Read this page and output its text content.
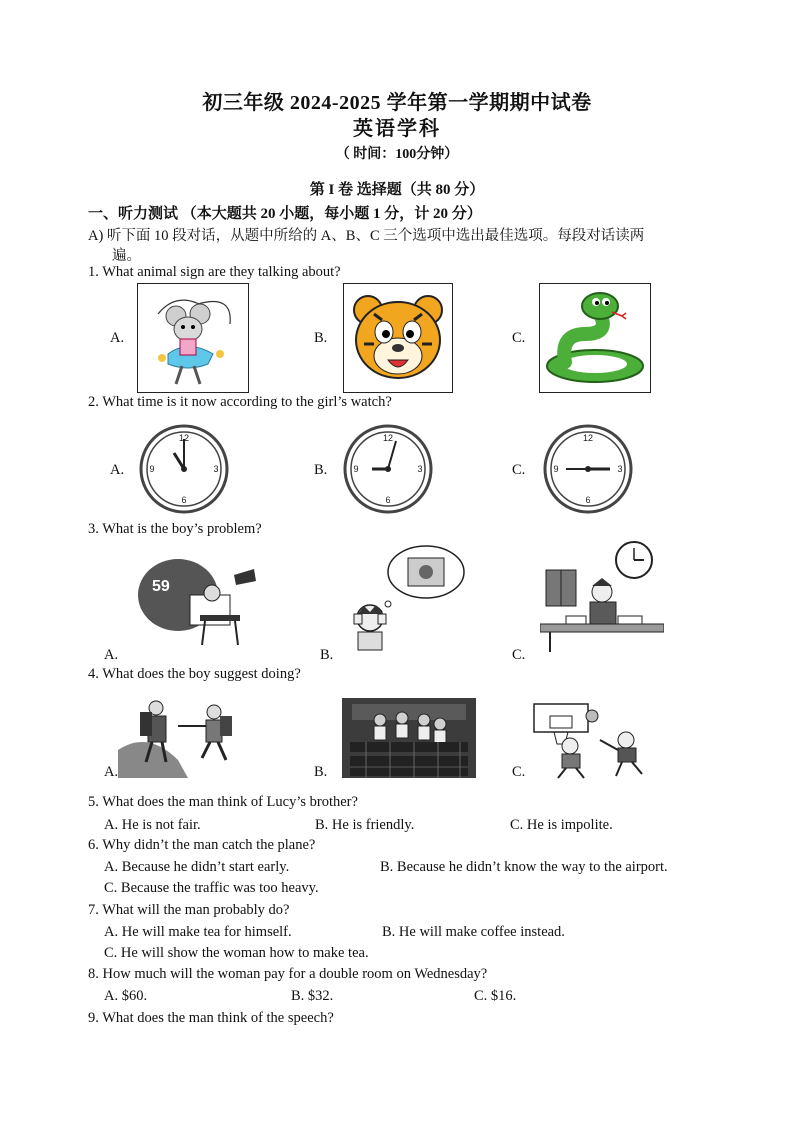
初三年级 2024-2025 学年第一学期期中试卷
英语学科
（ 时间：100分钟）
第 I 卷 选择题（共 80 分）
一、听力测试 （本大题共 20 小题，每小题 1 分，计 20 分）
A) 听下面 10 段对话，从题中所给的 A、B、C 三个选项中选出最佳选项。每段对话读两
遍。
1. What animal sign are they talking about?
A.	B.	C.
2. What time is it now according to the girl’s watch?
A.	B.	C.
12
3
6
9
12
3
6
9
12
3
6
9
3. What is the boy’s problem?
A.	B.	C.
59
4. What does the boy suggest doing?
A.	B.	C.
5. What does the man think of Lucy’s brother?
A. He is not fair.	B. He is friendly.	C. He is impolite.
6. Why didn’t the man catch the plane?
A. Because he didn’t start early.	B. Because he didn’t know the way to the airport.
C. Because the traffic was too heavy.
7. What will the man probably do?
A. He will make tea for himself.	B. He will make coffee instead.
C. He will show the woman how to make tea.
8. How much will the woman pay for a double room on Wednesday?
A. $60.	B. $32.	C. $16.
9. What does the man think of the speech?
